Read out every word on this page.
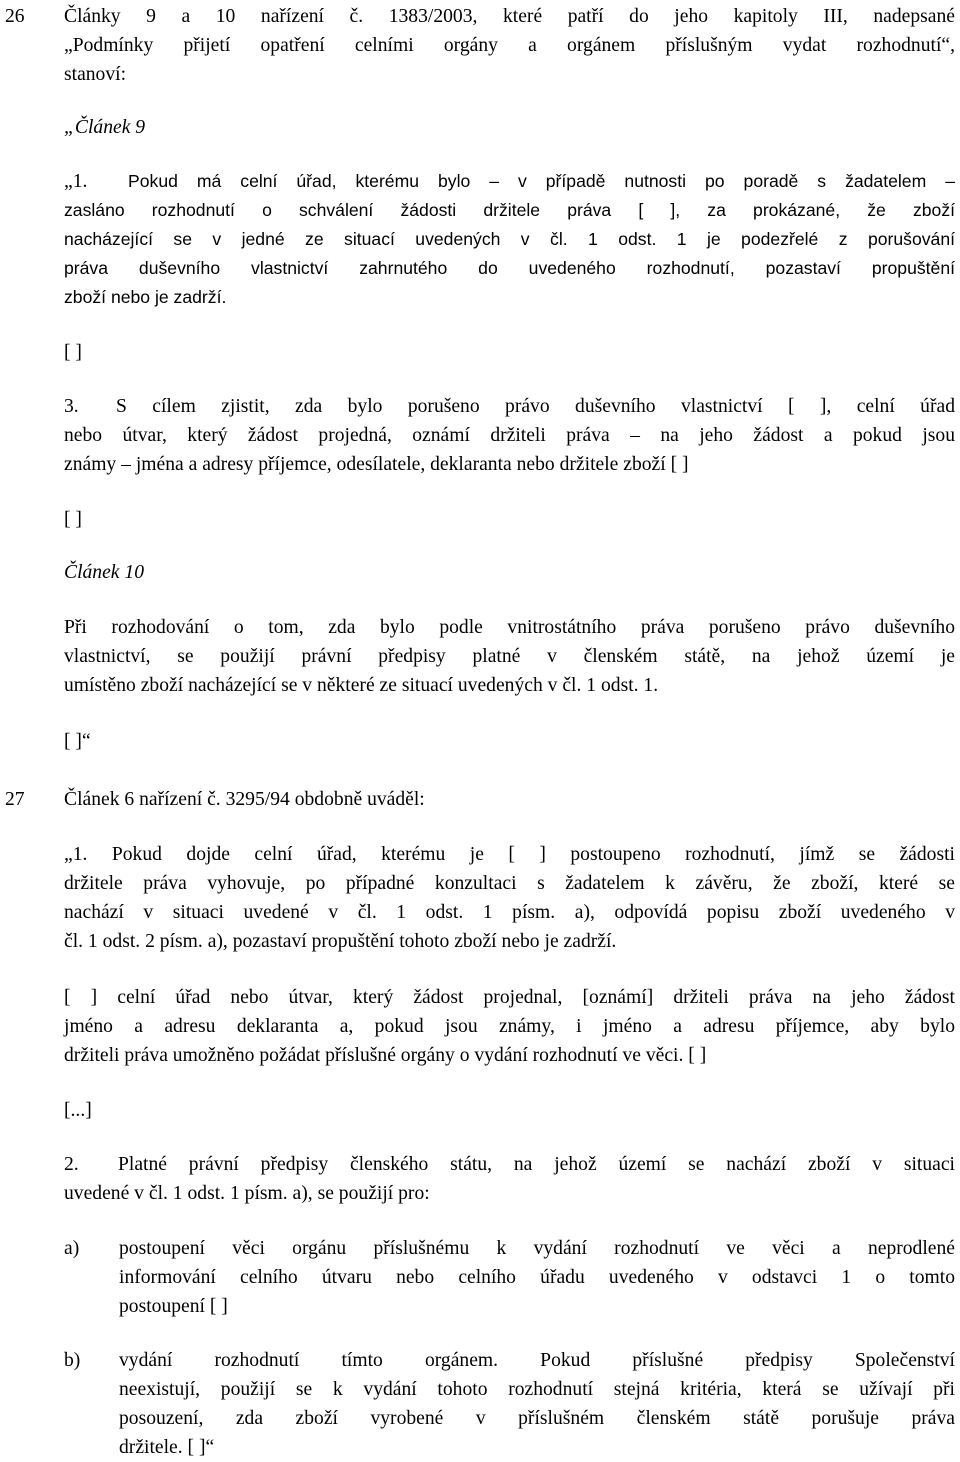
26 Články 9 a 10 nařízení č. 1383/2003, které patří do jeho kapitoly III, nadepsané
„Podmínky přijetí opatření celními orgány a orgánem příslušným vydat rozhodnutí“,
stanoví:
„Článek 9
„1. Pokud má celní úřad, kterému bylo – v případě nutnosti po poradě s žadatelem –
zasláno rozhodnutí o schválení žádosti držitele práva [ ], za prokázané, že zboží
nacházející se v jedné ze situací uvedených v čl. 1 odst. 1 je podezřelé z porušování
práva duševního vlastnictví zahrnutého do uvedeného rozhodnutí, pozastaví propuštění
zboží nebo je zadrží.
[ ]
3. S cílem zjistit, zda bylo porušeno právo duševního vlastnictví [ ], celní úřad
nebo útvar, který žádost projedná, oznámí držiteli práva – na jeho žádost a pokud jsou
známy – jména a adresy příjemce, odesílatele, deklaranta nebo držitele zboží [ ]
[ ]
Článek 10
Při rozhodování o tom, zda bylo podle vnitrostátního práva porušeno právo duševního
vlastnictví, se použijí právní předpisy platné v členském státě, na jehož území je
umístěno zboží nacházející se v některé ze situací uvedených v čl. 1 odst. 1.
[ ]“
27 Článek 6 nařízení č. 3295/94 obdobně uváděl:
„1. Pokud dojde celní úřad, kterému je [ ] postoupeno rozhodnutí, jímž se žádosti
držitele práva vyhovuje, po případné konzultaci s žadatelem k závěru, že zboží, které se
nachází v situaci uvedené v čl. 1 odst. 1 písm. a), odpovídá popisu zboží uvedeného v
čl. 1 odst. 2 písm. a), pozastaví propuštění tohoto zboží nebo je zadrží.
[ ] celní úřad nebo útvar, který žádost projednal, [oznámí] držiteli práva na jeho žádost
jméno a adresu deklaranta a, pokud jsou známy, i jméno a adresu příjemce, aby bylo
držiteli práva umožněno požádat příslušné orgány o vydání rozhodnutí ve věci. [ ]
[...]
2. Platné právní předpisy členského státu, na jehož území se nachází zboží v situaci
uvedené v čl. 1 odst. 1 písm. a), se použijí pro:
a) postoupení věci orgánu příslušnému k vydání rozhodnutí ve věci a neprodlené
informování celního útvaru nebo celního úřadu uvedeného v odstavci 1 o tomto
postoupení [ ]
b) vydání rozhodnutí tímto orgánem. Pokud příslušné předpisy Společenství
neexistují, použijí se k vydání tohoto rozhodnutí stejná kritéria, která se užívají při
posouzení, zda zboží vyrobené v příslušném členském státě porušuje práva
držitele. [ ]“
